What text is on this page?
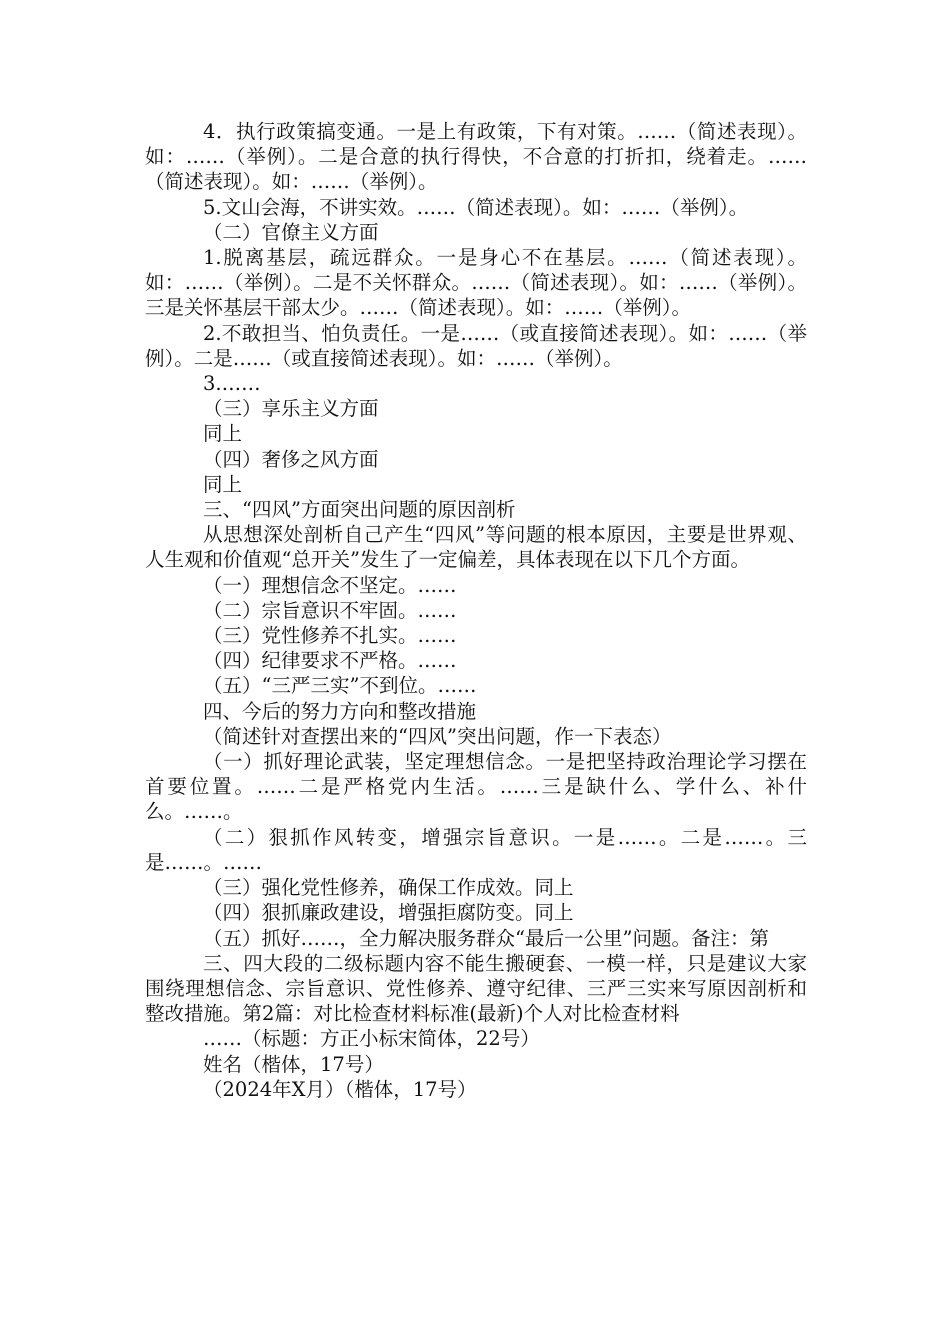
4．执行政策搞变通。一是上有政策，下有对策。……（简述表现）。如：……（举例）。二是合意的执行得快，不合意的打折扣，绕着走。……（简述表现）。如：……（举例）。

5.文山会海，不讲实效。……（简述表现）。如：……（举例）。

（二）官僚主义方面

1.脱离基层，疏远群众。一是身心不在基层。……（简述表现）。如：……（举例）。二是不关怀群众。……（简述表现）。如：……（举例）。三是关怀基层干部太少。……（简述表现）。如：……（举例）。

2.不敢担当、怕负责任。一是……（或直接简述表现）。如：……（举例）。二是……（或直接简述表现）。如：……（举例）。

3.……

（三）享乐主义方面

同上

（四）奢侈之风方面

同上

三、“四风”方面突出问题的原因剖析

从思想深处剖析自己产生“四风”等问题的根本原因，主要是世界观、人生观和价值观“总开关”发生了一定偏差，具体表现在以下几个方面。

（一）理想信念不坚定。……

（二）宗旨意识不牢固。……

（三）党性修养不扎实。……

（四）纪律要求不严格。……

（五）“三严三实”不到位。……

四、今后的努力方向和整改措施

（简述针对查摆出来的“四风”突出问题，作一下表态）

（一）抓好理论武装，坚定理想信念。一是把坚持政治理论学习摆在首要位置。……二是严格党内生活。……三是缺什么、学什么、补什么。……。

（二）狠抓作风转变，增强宗旨意识。一是……。二是……。三是……。……

（三）强化党性修养，确保工作成效。同上

（四）狠抓廉政建设，增强拒腐防变。同上

（五）抓好……，全力解决服务群众“最后一公里”问题。备注：第

三、四大段的二级标题内容不能生搬硬套、一模一样，只是建议大家围绕理想信念、宗旨意识、党性修养、遵守纪律、三严三实来写原因剖析和整改措施。第2篇：对比检查材料标准(最新)个人对比检查材料

……（标题：方正小标宋简体，22号）

姓名（楷体，17号）

（2024年X月）（楷体，17号）
